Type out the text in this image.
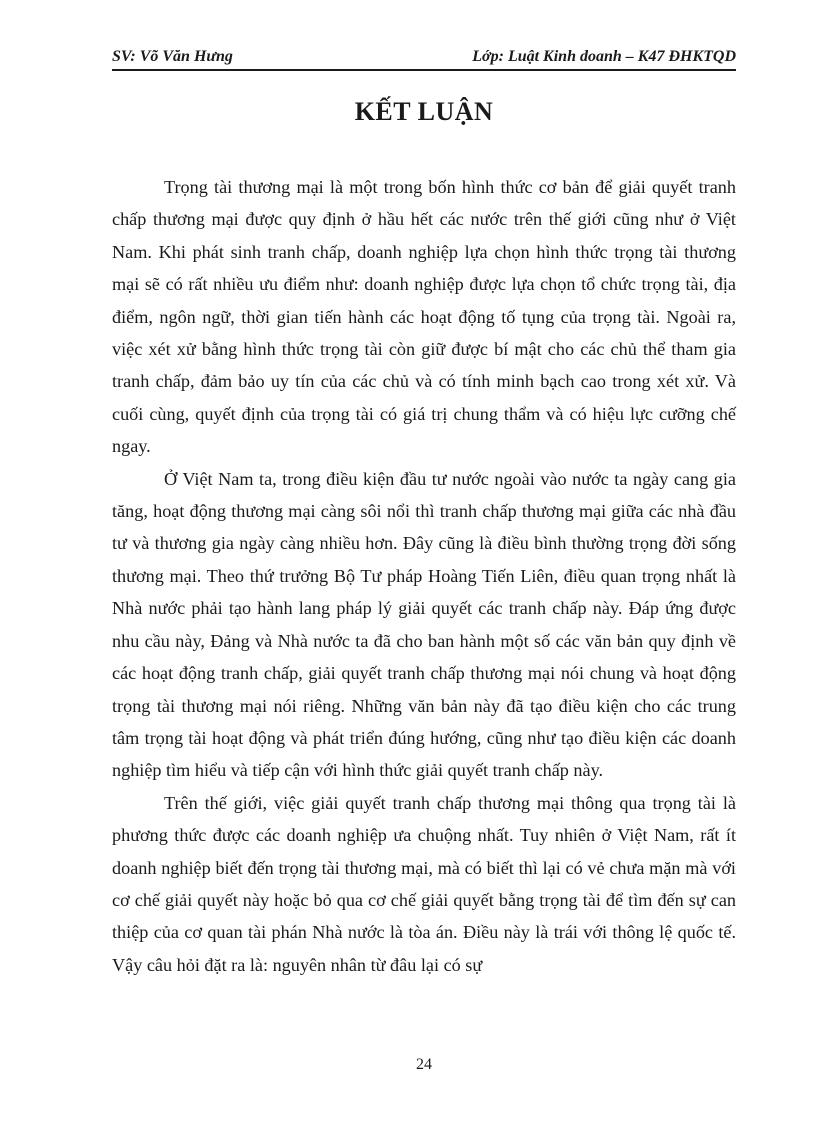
SV: Võ Văn Hưng	Lớp: Luật Kinh doanh – K47 ĐHKTQD
KẾT LUẬN

Trọng tài thương mại là một trong bốn hình thức cơ bản để giải quyết tranh chấp thương mại được quy định ở hầu hết các nước trên thế giới cũng như ở Việt Nam. Khi phát sinh tranh chấp, doanh nghiệp lựa chọn hình thức trọng tài thương mại sẽ có rất nhiều ưu điểm như: doanh nghiệp được lựa chọn tổ chức trọng tài, địa điểm, ngôn ngữ, thời gian tiến hành các hoạt động tố tụng của trọng tài. Ngoài ra, việc xét xử bằng hình thức trọng tài còn giữ được bí mật cho các chủ thể tham gia tranh chấp, đảm bảo uy tín của các chủ và có tính minh bạch cao trong xét xử. Và cuối cùng, quyết định của trọng tài có giá trị chung thẩm và có hiệu lực cưỡng chế ngay.

Ở Việt Nam ta, trong điều kiện đầu tư nước ngoài vào nước ta ngày cang gia tăng, hoạt động thương mại càng sôi nổi thì tranh chấp thương mại giữa các nhà đầu tư và thương gia ngày càng nhiều hơn. Đây cũng là điều bình thường trọng đời sống thương mại. Theo thứ trưởng Bộ Tư pháp Hoàng Tiến Liên, điều quan trọng nhất là Nhà nước phải tạo hành lang pháp lý giải quyết các tranh chấp này. Đáp ứng được nhu cầu này, Đảng và Nhà nước ta đã cho ban hành một số các văn bản quy định về các hoạt động tranh chấp, giải quyết tranh chấp thương mại nói chung và hoạt động trọng tài thương mại nói riêng. Những văn bản này đã tạo điều kiện cho các trung tâm trọng tài hoạt động và phát triển đúng hướng, cũng như tạo điều kiện các doanh nghiệp tìm hiểu và tiếp cận với hình thức giải quyết tranh chấp này.

Trên thế giới, việc giải quyết tranh chấp thương mại thông qua trọng tài là phương thức được các doanh nghiệp ưa chuộng nhất. Tuy nhiên ở Việt Nam, rất ít doanh nghiệp biết đến trọng tài thương mại, mà có biết thì lại có vẻ chưa mặn mà với cơ chế giải quyết này hoặc bỏ qua cơ chế giải quyết bằng trọng tài để tìm đến sự can thiệp của cơ quan tài phán Nhà nước là tòa án. Điều này là trái với thông lệ quốc tế. Vậy câu hỏi đặt ra là: nguyên nhân từ đâu lại có sự

24
